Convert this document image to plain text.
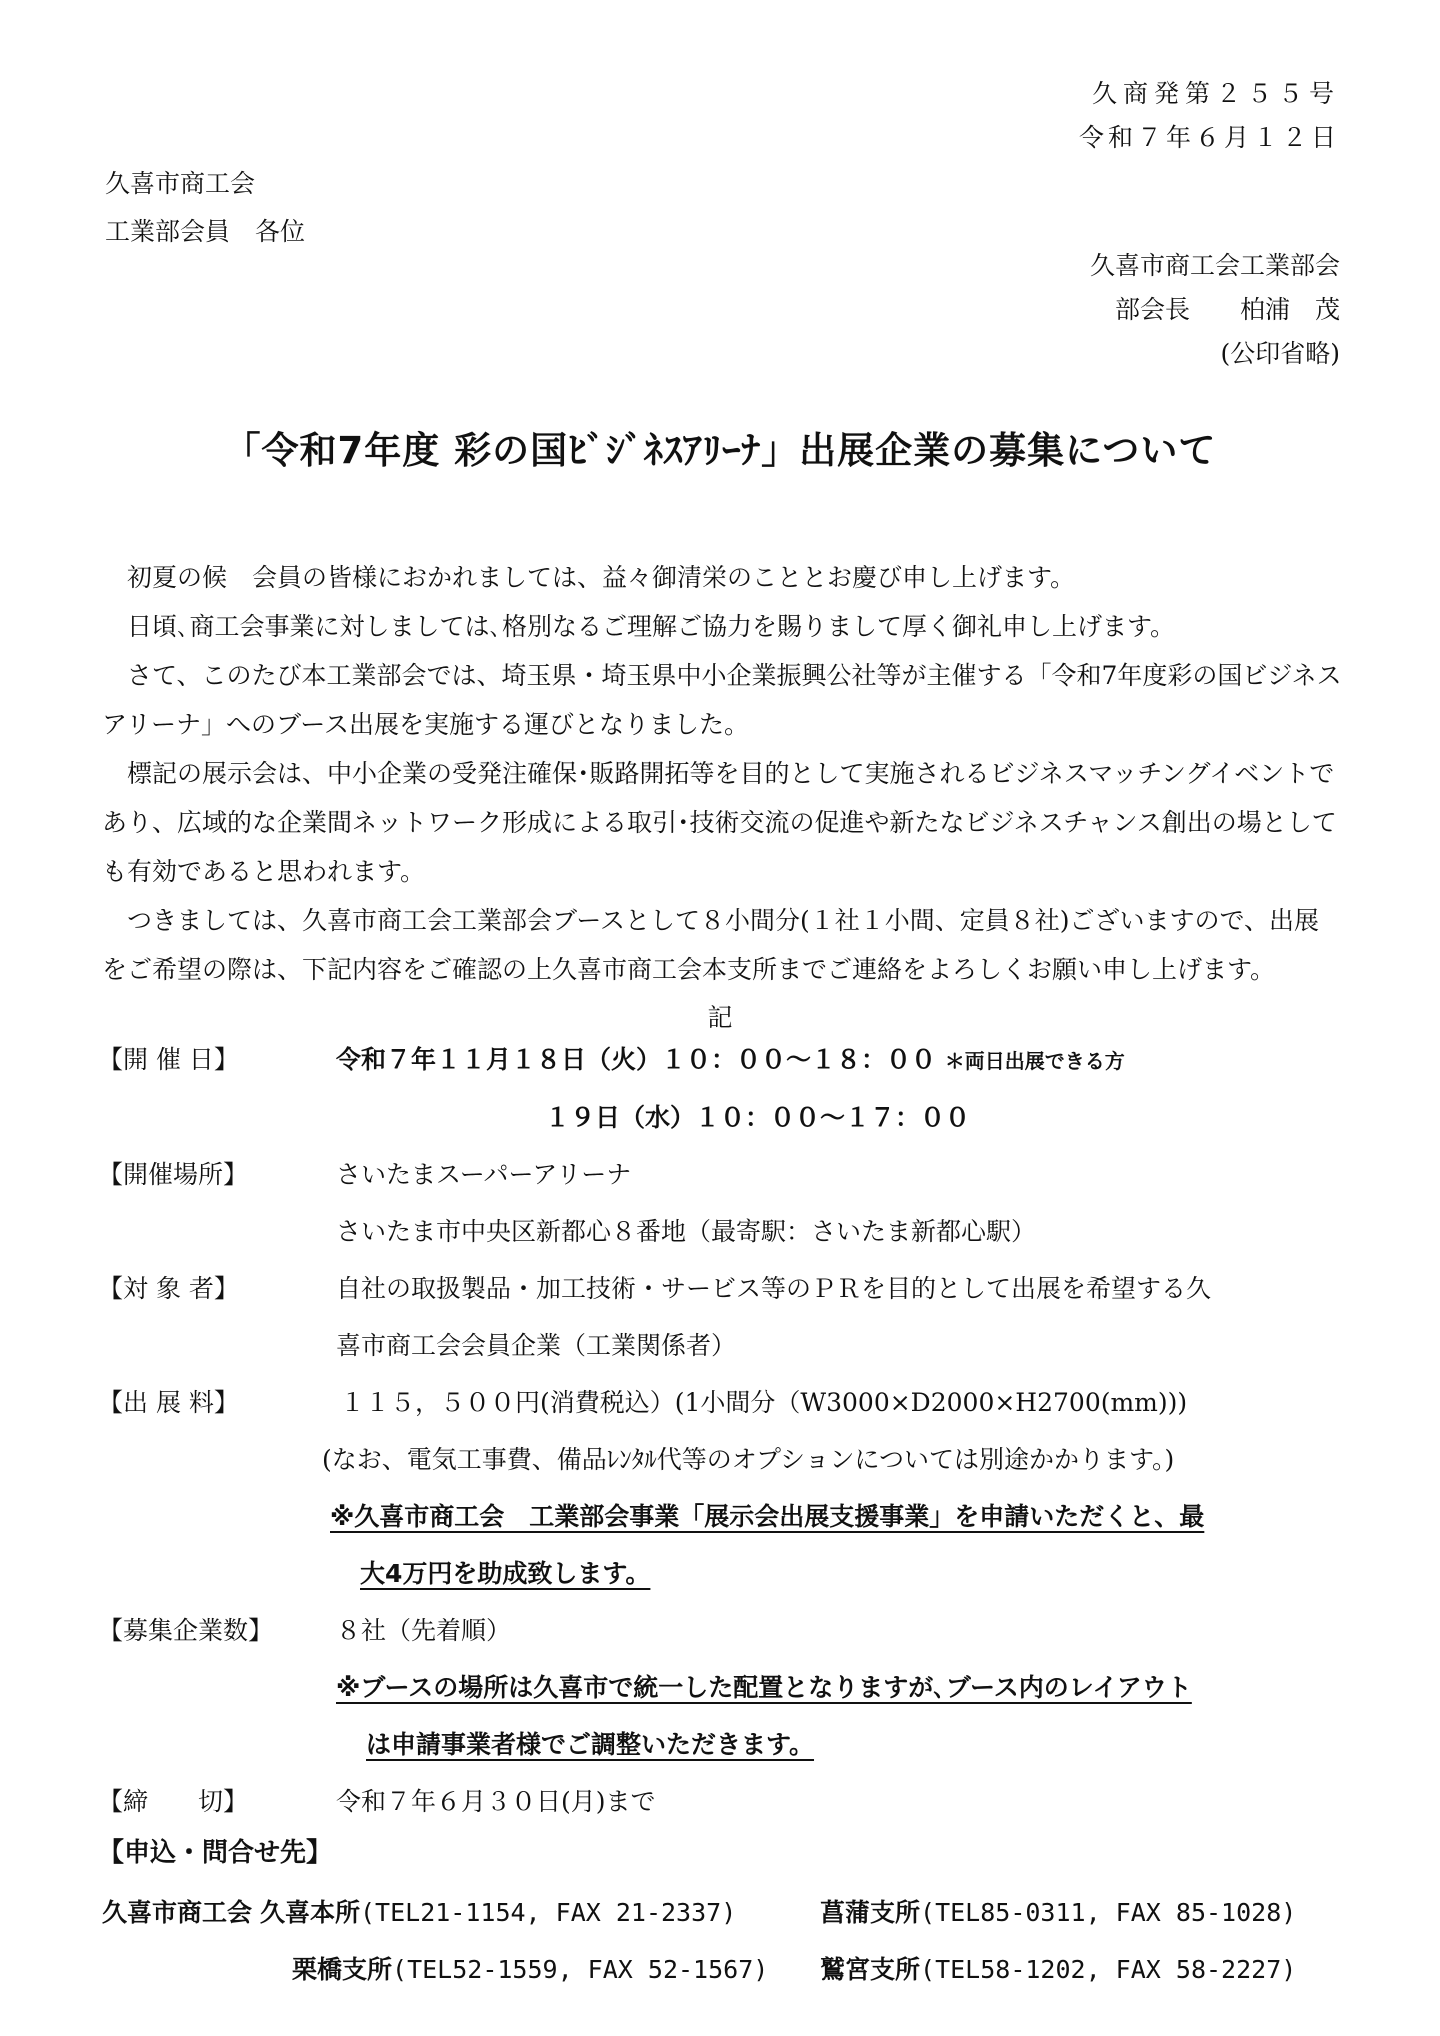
久商発第２５５号
令和７年６月１２日
久喜市商工会
工業部会員　各位
久喜市商工会工業部会
部会長　　柏浦　茂
(公印省略)
「令和7年度 彩の国ﾋﾞｼﾞﾈｽｱﾘｰﾅ」出展企業の募集について

初夏の候　会員の皆様におかれましては、益々御清栄のこととお慶び申し上げます。

日頃､商工会事業に対しましては､格別なるご理解ご協力を賜りまして厚く御礼申し上げます。

さて、このたび本工業部会では、埼玉県・埼玉県中小企業振興公社等が主催する「令和7年度彩の国ビジネスアリーナ」へのブース出展を実施する運びとなりました。

標記の展示会は、中小企業の受発注確保･販路開拓等を目的として実施されるビジネスマッチングイベントであり、広域的な企業間ネットワーク形成による取引･技術交流の促進や新たなビジネスチャンス創出の場としても有効であると思われます。

つきましては、久喜市商工会工業部会ブースとして８小間分(１社１小間、定員８社)ございますので、出展をご希望の際は、下記内容をご確認の上久喜市商工会本支所までご連絡をよろしくお願い申し上げます。

記
【開 催 日】	令和７年１１月１８日（火）１０：００～１８：００ ＊両日出展できる方
１９日（水）１０：００～１７：００
【開催場所】	さいたまスーパーアリーナ
さいたま市中央区新都心８番地（最寄駅：さいたま新都心駅）
【対 象 者】	自社の取扱製品・加工技術・サービス等のＰＲを目的として出展を希望する久
喜市商工会会員企業（工業関係者）
【出 展 料】	１１５，５００円(消費税込）(1小間分（W3000×D2000×H2700(mm)))
(なお、電気工事費、備品ﾚﾝﾀﾙ代等のオプションについては別途かかります。)
※久喜市商工会　工業部会事業「展示会出展支援事業」を申請いただくと、最
大4万円を助成致します。
【募集企業数】	８社（先着順）
※ブースの場所は久喜市で統一した配置となりますが､ブース内のレイアウト
は申請事業者様でご調整いただきます。
【締　　切】	令和７年６月３０日(月)まで
【申込・問合せ先】
久喜市商工会 久喜本所(TEL21-1154, FAX 21-2337)	菖蒲支所(TEL85-0311, FAX 85-1028)
栗橋支所(TEL52-1559, FAX 52-1567) 鷲宮支所(TEL58-1202, FAX 58-2227)
